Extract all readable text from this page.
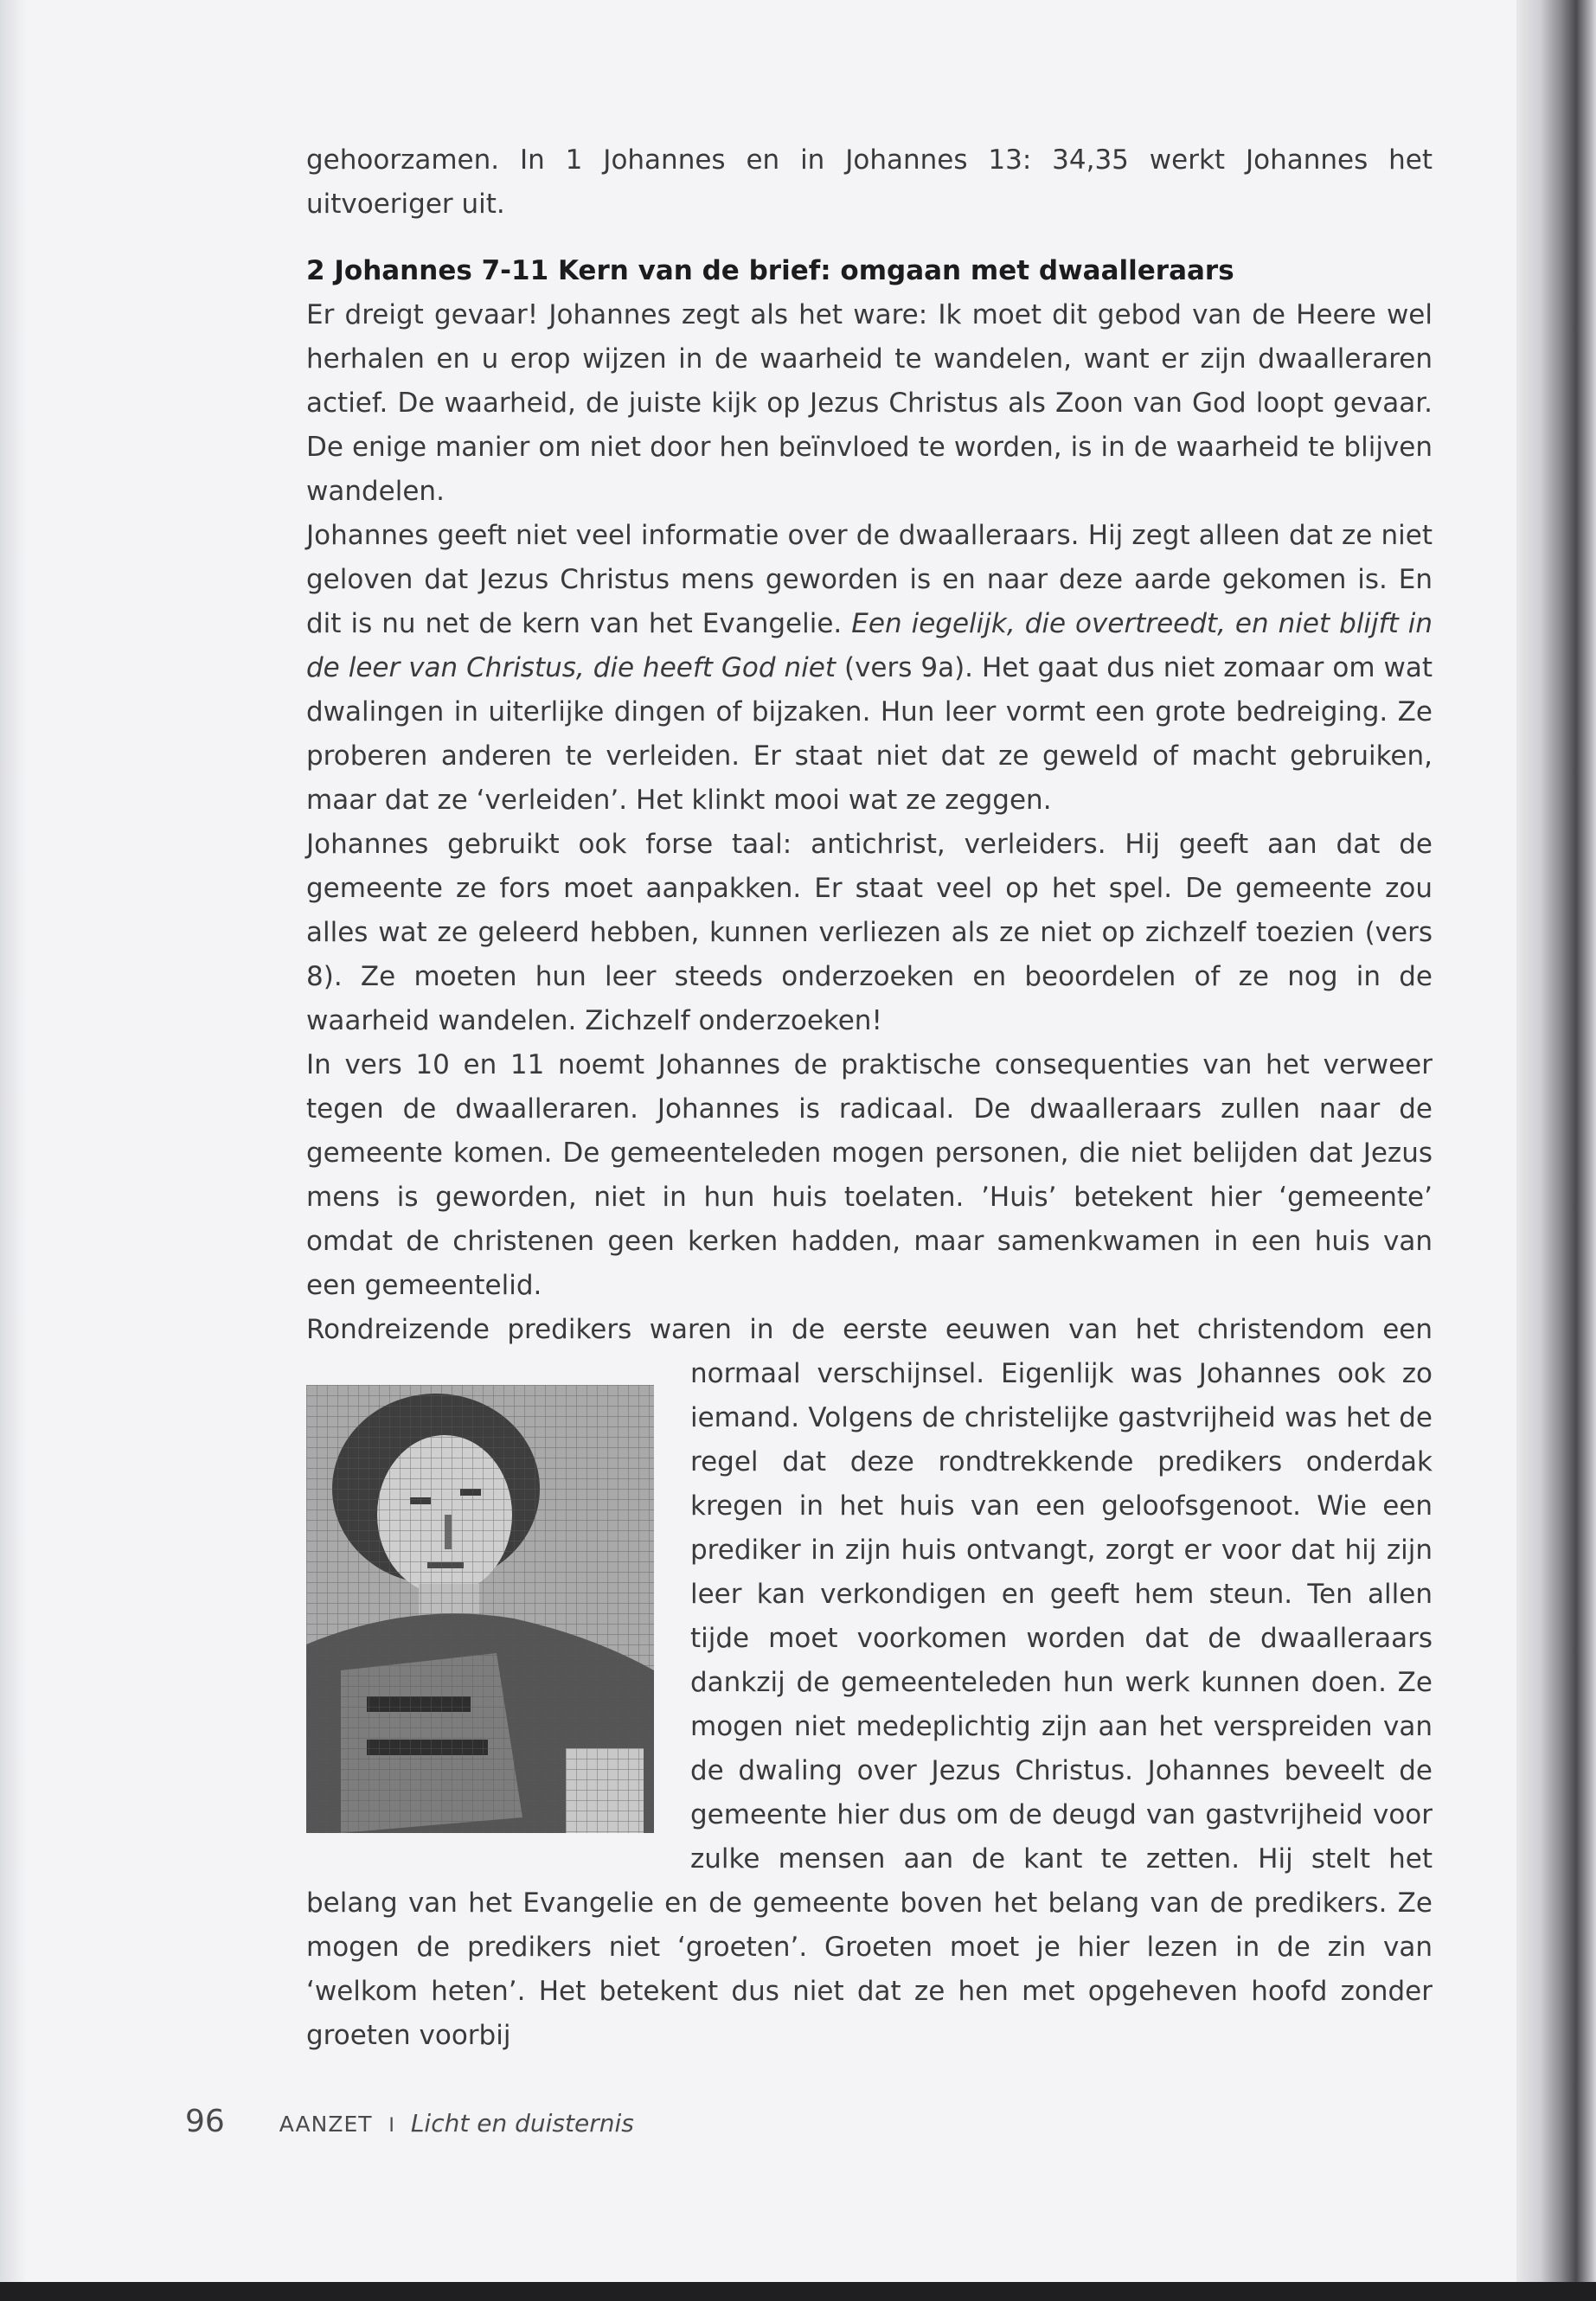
gehoorzamen. In 1 Johannes en in Johannes 13: 34,35 werkt Johannes het uitvoeriger uit.

2 Johannes 7-11 Kern van de brief: omgaan met dwaalleraars

Er dreigt gevaar! Johannes zegt als het ware: Ik moet dit gebod van de Heere wel herhalen en u erop wijzen in de waarheid te wandelen, want er zijn dwaalleraren actief. De waarheid, de juiste kijk op Jezus Christus als Zoon van God loopt gevaar. De enige manier om niet door hen beïnvloed te worden, is in de waarheid te blijven wandelen.

Johannes geeft niet veel informatie over de dwaalleraars. Hij zegt alleen dat ze niet geloven dat Jezus Christus mens geworden is en naar deze aarde gekomen is. En dit is nu net de kern van het Evangelie. Een iegelijk, die overtreedt, en niet blijft in de leer van Christus, die heeft God niet (vers 9a). Het gaat dus niet zomaar om wat dwalingen in uiterlijke dingen of bijzaken. Hun leer vormt een grote bedreiging. Ze proberen anderen te verleiden. Er staat niet dat ze geweld of macht gebruiken, maar dat ze ‘verleiden’. Het klinkt mooi wat ze zeggen.

Johannes gebruikt ook forse taal: antichrist, verleiders. Hij geeft aan dat de gemeente ze fors moet aanpakken. Er staat veel op het spel. De gemeente zou alles wat ze geleerd hebben, kunnen verliezen als ze niet op zichzelf toezien (vers 8). Ze moeten hun leer steeds onderzoeken en beoordelen of ze nog in de waarheid wandelen. Zichzelf onderzoeken!

In vers 10 en 11 noemt Johannes de praktische consequenties van het verweer tegen de dwaalleraren. Johannes is radicaal. De dwaalleraars zullen naar de gemeente komen. De gemeenteleden mogen personen, die niet belijden dat Jezus mens is geworden, niet in hun huis toelaten. ’Huis’ betekent hier ‘gemeente’ omdat de christenen geen kerken hadden, maar samenkwamen in een huis van een gemeentelid.

Rondreizende predikers waren in de eerste eeuwen van het christendom een normaal verschijnsel.
Eigenlijk was Johannes ook zo iemand. Volgens de christelijke gastvrijheid was het de regel dat deze rondtrekkende predikers onderdak kregen in het huis van een geloofsgenoot. Wie een prediker in zijn huis ontvangt, zorgt er voor dat hij zijn leer kan verkondigen en geeft hem steun. Ten allen tijde moet voorkomen worden dat de dwaalleraars dankzij de gemeenteleden hun werk kunnen doen. Ze mogen niet medeplichtig zijn aan het verspreiden van de dwaling over Jezus Christus. Johannes beveelt de gemeente hier dus om de deugd van gastvrijheid voor zulke mensen aan de kant te zetten. Hij stelt het belang van het Evangelie en de gemeente boven het belang van de predikers. Ze mogen de predikers niet ‘groeten’. Groeten moet je hier lezen in de zin van ‘welkom heten’. Het betekent dus niet dat ze hen met opgeheven hoofd zonder groeten voorbij

96	AANZET I Licht en duisternis
